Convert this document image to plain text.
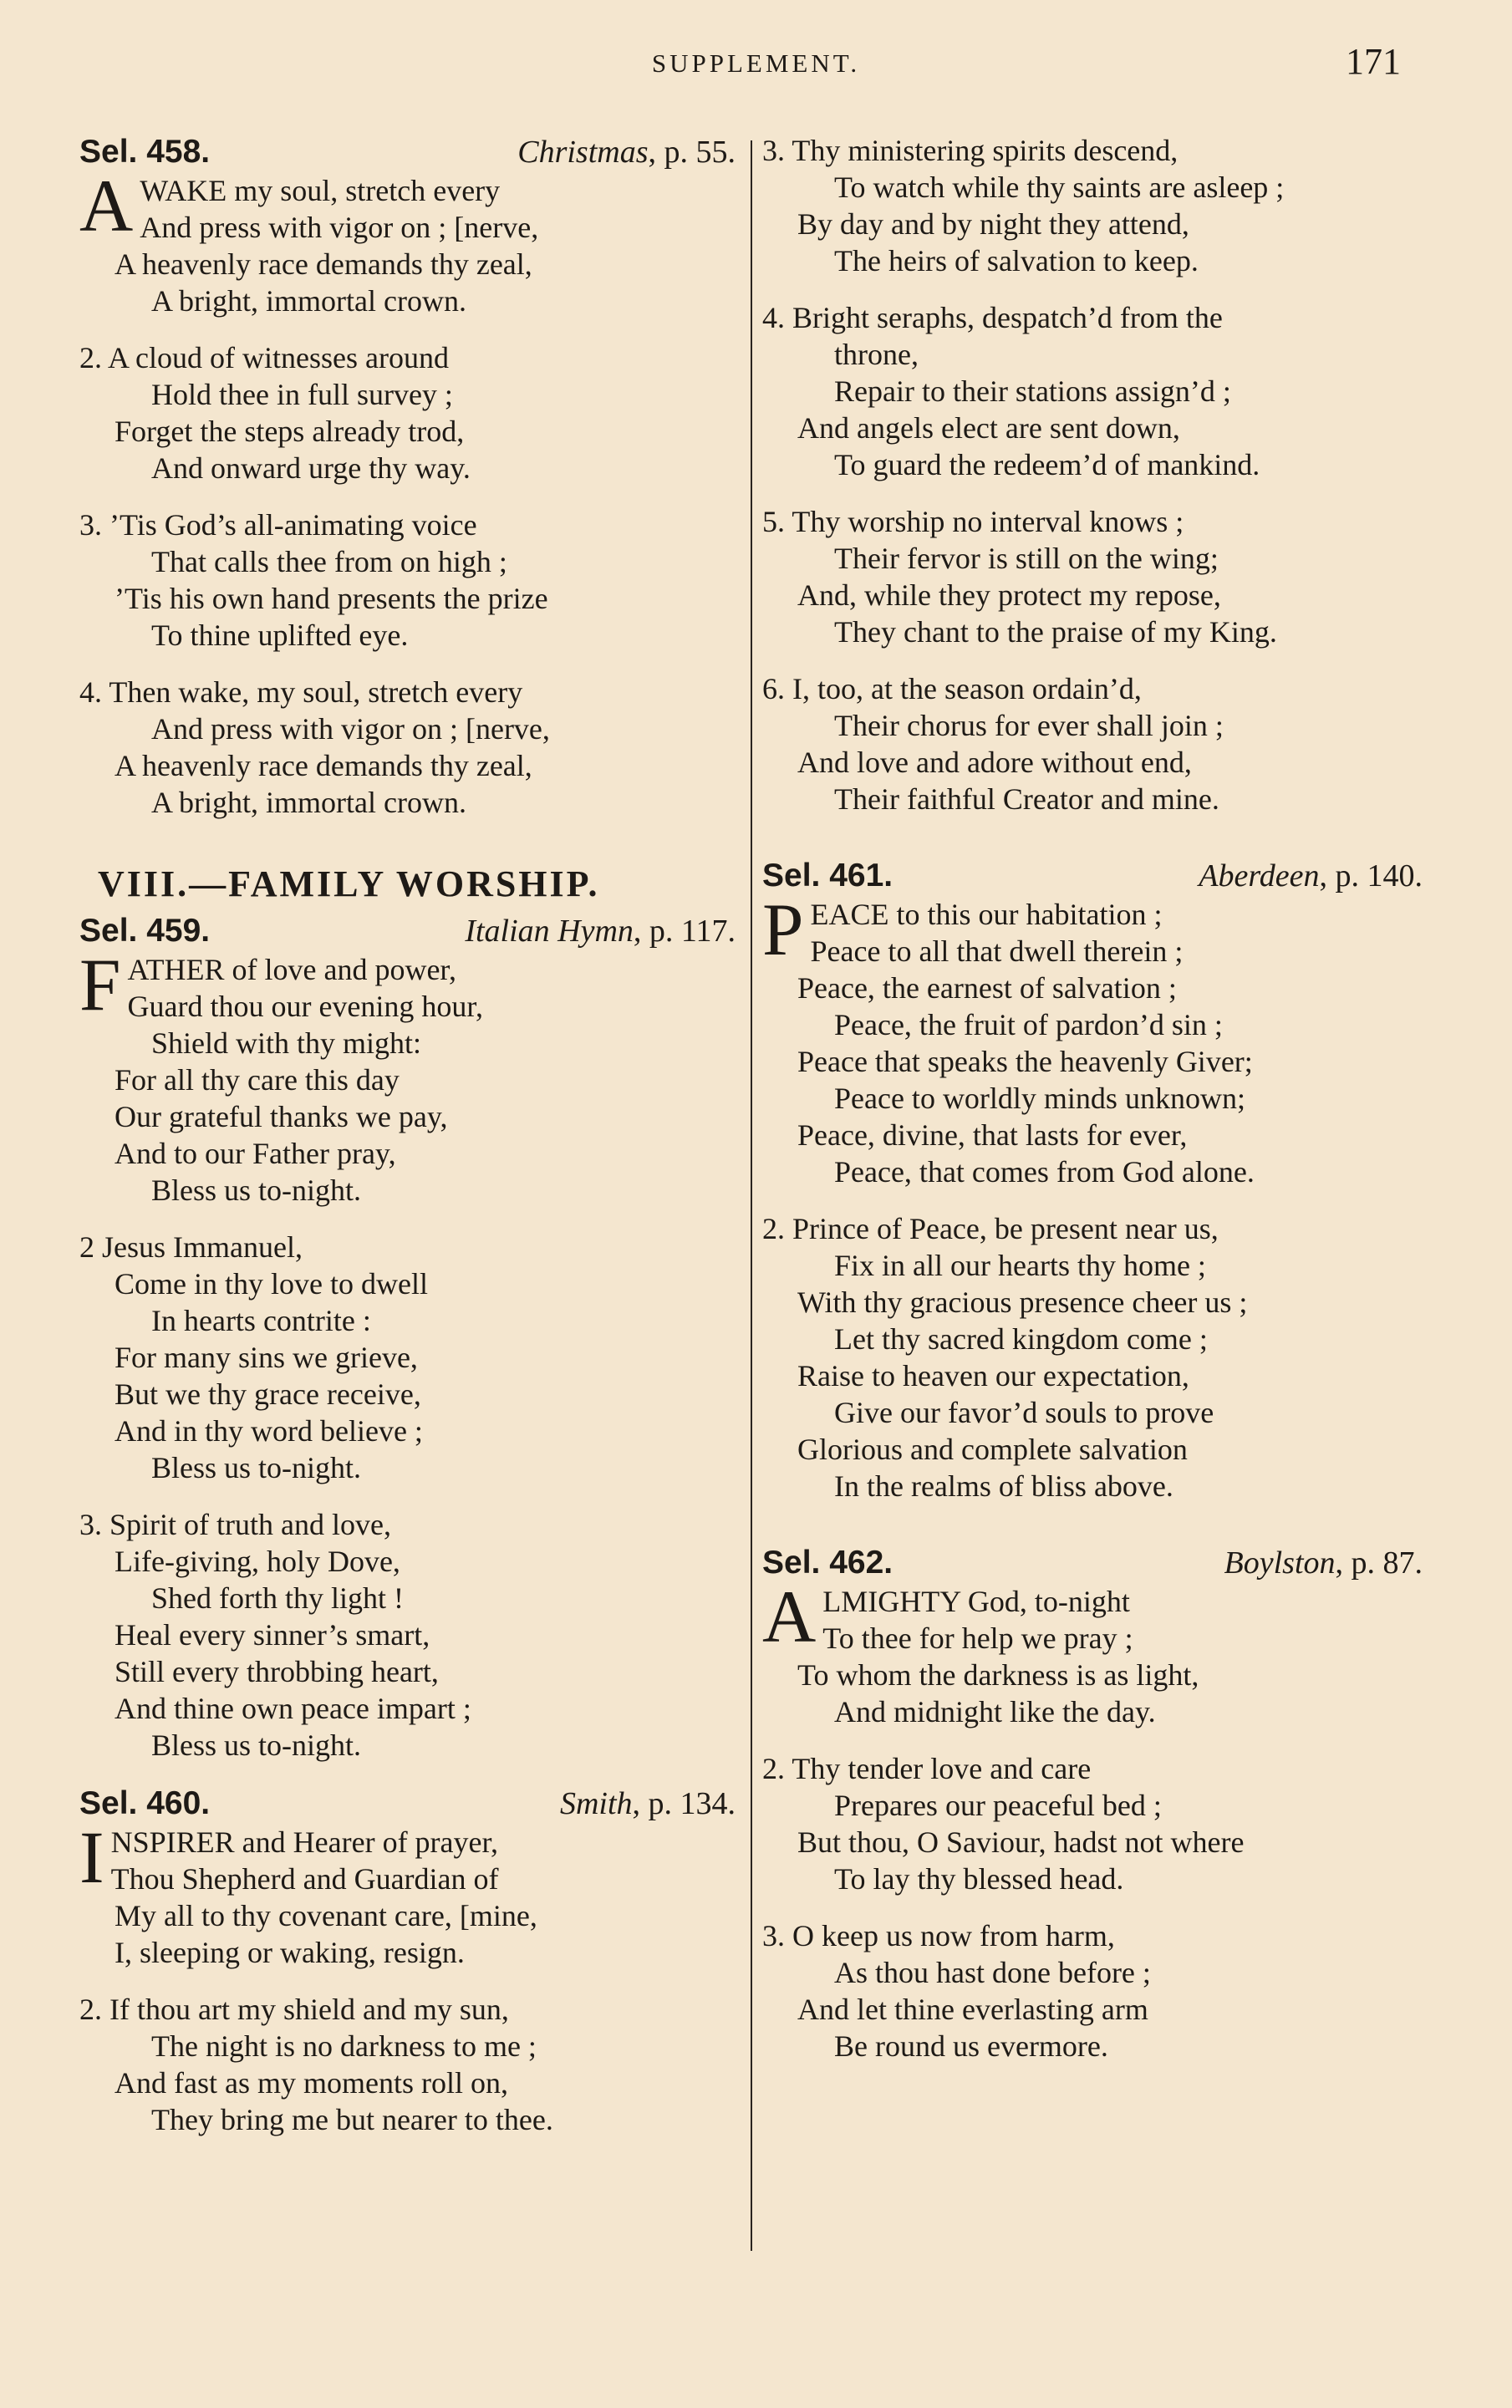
SUPPLEMENT.	171
Sel. 458.	Christmas, p. 55.
A WAKE my soul, stretch every
And press with vigor on ; [nerve,
A heavenly race demands thy zeal,
A bright, immortal crown.
2. A cloud of witnesses around
Hold thee in full survey ;
Forget the steps already trod,
And onward urge thy way.
3. ’Tis God’s all-animating voice
That calls thee from on high ;
’Tis his own hand presents the prize
To thine uplifted eye.
4. Then wake, my soul, stretch every
And press with vigor on ; [nerve,
A heavenly race demands thy zeal,
A bright, immortal crown.
VIII.—FAMILY WORSHIP.
Sel. 459.	Italian Hymn, p. 117.
F ATHER of love and power,
Guard thou our evening hour,
Shield with thy might:
For all thy care this day
Our grateful thanks we pay,
And to our Father pray,
Bless us to-night.
2 Jesus Immanuel,
Come in thy love to dwell
In hearts contrite :
For many sins we grieve,
But we thy grace receive,
And in thy word believe ;
Bless us to-night.
3. Spirit of truth and love,
Life-giving, holy Dove,
Shed forth thy light !
Heal every sinner’s smart,
Still every throbbing heart,
And thine own peace impart ;
Bless us to-night.
Sel. 460.	Smith, p. 134.
I NSPIRER and Hearer of prayer,
Thou Shepherd and Guardian of
My all to thy covenant care, [mine,
I, sleeping or waking, resign.
2. If thou art my shield and my sun,
The night is no darkness to me ;
And fast as my moments roll on,
They bring me but nearer to thee.
3. Thy ministering spirits descend,
To watch while thy saints are asleep ;
By day and by night they attend,
The heirs of salvation to keep.
4. Bright seraphs, despatch’d from the
throne,
Repair to their stations assign’d ;
And angels elect are sent down,
To guard the redeem’d of mankind.
5. Thy worship no interval knows ;
Their fervor is still on the wing;
And, while they protect my repose,
They chant to the praise of my King.
6. I, too, at the season ordain’d,
Their chorus for ever shall join ;
And love and adore without end,
Their faithful Creator and mine.
Sel. 461.	Aberdeen, p. 140.
P EACE to this our habitation ;
Peace to all that dwell therein ;
Peace, the earnest of salvation ;
Peace, the fruit of pardon’d sin ;
Peace that speaks the heavenly Giver;
Peace to worldly minds unknown;
Peace, divine, that lasts for ever,
Peace, that comes from God alone.
2. Prince of Peace, be present near us,
Fix in all our hearts thy home ;
With thy gracious presence cheer us ;
Let thy sacred kingdom come ;
Raise to heaven our expectation,
Give our favor’d souls to prove
Glorious and complete salvation
In the realms of bliss above.
Sel. 462.	Boylston, p. 87.
A LMIGHTY God, to-night
To thee for help we pray ;
To whom the darkness is as light,
And midnight like the day.
2. Thy tender love and care
Prepares our peaceful bed ;
But thou, O Saviour, hadst not where
To lay thy blessed head.
3. O keep us now from harm,
As thou hast done before ;
And let thine everlasting arm
Be round us evermore.
